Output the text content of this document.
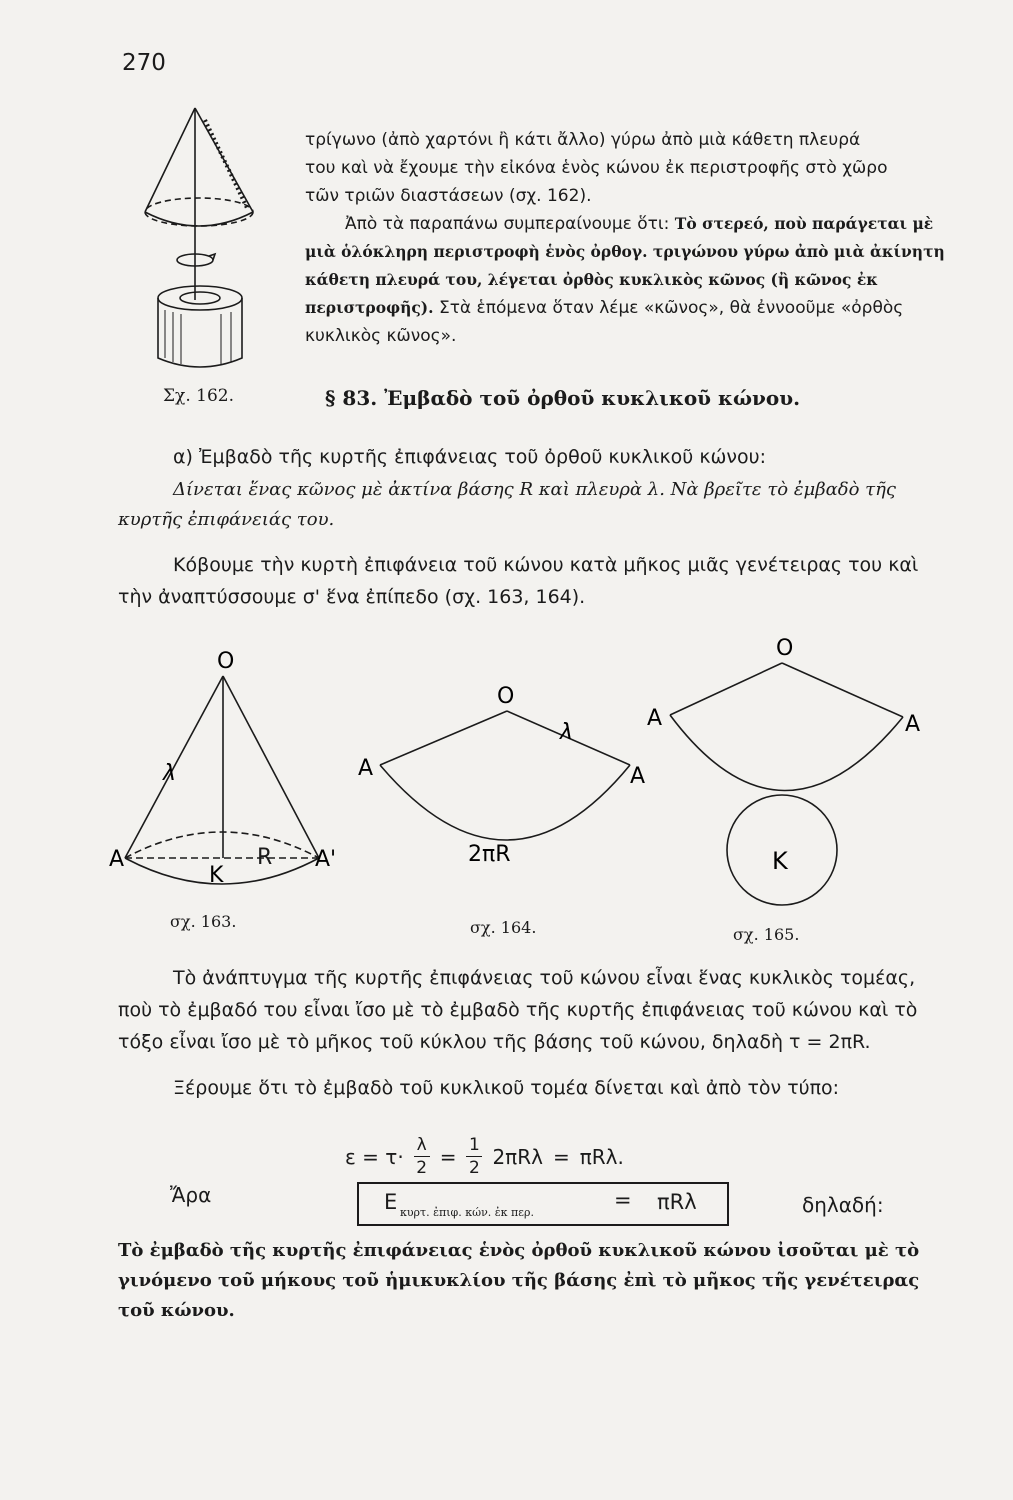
270

τρίγωνο (ἀπὸ χαρτόνι ἢ κάτι ἄλλο) γύρω ἀπὸ μιὰ κάθετη πλευρά

του καὶ νὰ ἔχουμε τὴν εἰκόνα ἑνὸς κώνου ἐκ περιστροφῆς στὸ χῶρο

τῶν τριῶν διαστάσεων (σχ. 162).

Ἀπὸ τὰ παραπάνω συμπεραίνουμε ὅτι: Τὸ στερεό, ποὺ παράγεται μὲ μιὰ ὁλόκληρη περιστροφὴ ἑνὸς ὀρθογ. τριγώνου γύρω ἀπὸ μιὰ ἀκίνητη κάθετη πλευρά του, λέγεται ὀρθὸς κυκλικὸς κῶνος (ἢ κῶνος ἐκ περιστροφῆς). Στὰ ἑπόμενα ὅταν λέμε «κῶνος», θὰ ἐννοοῦμε «ὀρθὸς κυκλικὸς κῶνος».

Σχ. 162.	§ 83. Ἐμβαδὸ τοῦ ὀρθοῦ κυκλικοῦ κώνου.

α) Ἐμβαδὸ τῆς κυρτῆς ἐπιφάνειας τοῦ ὀρθοῦ κυκλικοῦ κώνου:

Δίνεται ἕνας κῶνος μὲ ἀκτίνα βάσης R καὶ πλευρὰ λ. Νὰ βρεῖτε τὸ ἐμβαδὸ τῆς κυρτῆς ἐπιφάνειάς του.

Κόβουμε τὴν κυρτὴ ἐπιφάνεια τοῦ κώνου κατὰ μῆκος μιᾶς γενέτειρας του καὶ τὴν ἀναπτύσσουμε σ' ἕνα ἐπίπεδο (σχ. 163, 164).

O
λ
A	A'
K
R
σχ. 163.
O
λ
A	A
2πR
σχ. 164.
O
A	A
K
σχ. 165.

Τὸ ἀνάπτυγμα τῆς κυρτῆς ἐπιφάνειας τοῦ κώνου εἶναι ἕνας κυκλικὸς τομέας, ποὺ τὸ ἐμβαδό του εἶναι ἴσο μὲ τὸ ἐμβαδὸ τῆς κυρτῆς ἐπιφάνειας τοῦ κώνου καὶ τὸ τόξο εἶναι ἴσο μὲ τὸ μῆκος τοῦ κύκλου τῆς βάσης τοῦ κώνου, δηλαδὴ τ = 2πR.

Ξέρουμε ὅτι τὸ ἐμβαδὸ τοῦ κυκλικοῦ τομέα δίνεται καὶ ἀπὸ τὸν τύπο:

$\varepsilon = \tau\cdot \frac{\lambda}{2} = \frac{1}{2} 2\pi R\lambda = \pi R\lambda$.
Ἄρα	E κυρτ. ἐπιφ. κών. ἐκ περ.
= πRλ	δηλαδή:
Τὸ ἐμβαδὸ τῆς κυρτῆς ἐπιφάνειας ἑνὸς ὀρθοῦ κυκλικοῦ κώνου ἰσοῦται μὲ τὸ γινόμενο τοῦ μήκους τοῦ ἡμικυκλίου τῆς βάσης ἐπὶ τὸ μῆκος τῆς γενέτειρας τοῦ κώνου.
